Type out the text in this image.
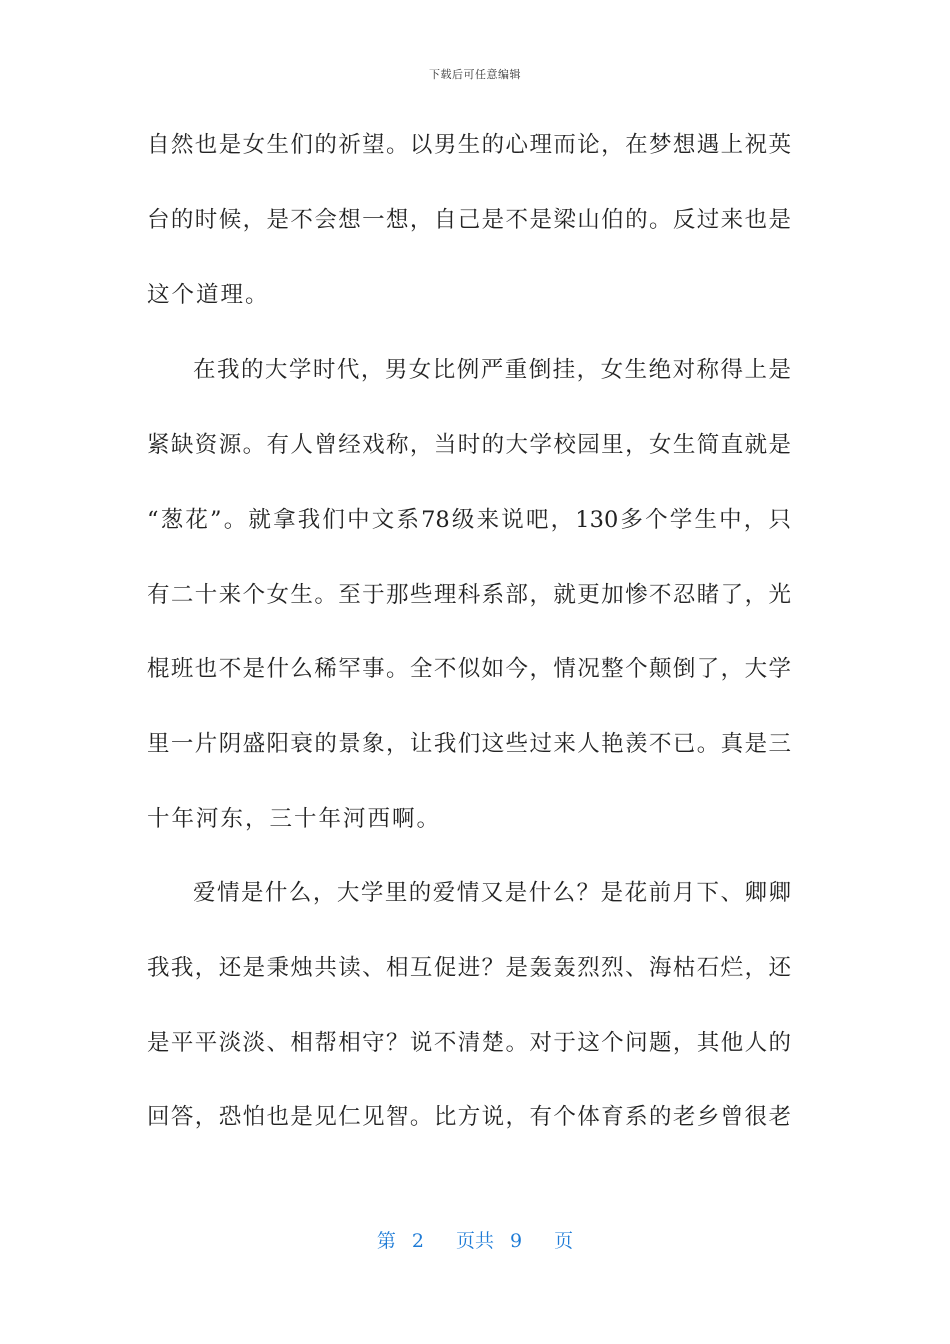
下载后可任意编辑
自然也是女生们的祈望。以男生的心理而论，在梦想遇上祝英
台的时候，是不会想一想，自己是不是梁山伯的。反过来也是
这个道理。
在我的大学时代，男女比例严重倒挂，女生绝对称得上是
紧缺资源。有人曾经戏称，当时的大学校园里，女生简直就是
“葱花”。就拿我们中文系78级来说吧，130多个学生中，只
有二十来个女生。至于那些理科系部，就更加惨不忍睹了，光
棍班也不是什么稀罕事。全不似如今，情况整个颠倒了，大学
里一片阴盛阳衰的景象，让我们这些过来人艳羡不已。真是三
十年河东，三十年河西啊。
爱情是什么，大学里的爱情又是什么？是花前月下、卿卿
我我，还是秉烛共读、相互促进？是轰轰烈烈、海枯石烂，还
是平平淡淡、相帮相守？说不清楚。对于这个问题，其他人的
回答，恐怕也是见仁见智。比方说，有个体育系的老乡曾很老
第 2 页共 9 页
